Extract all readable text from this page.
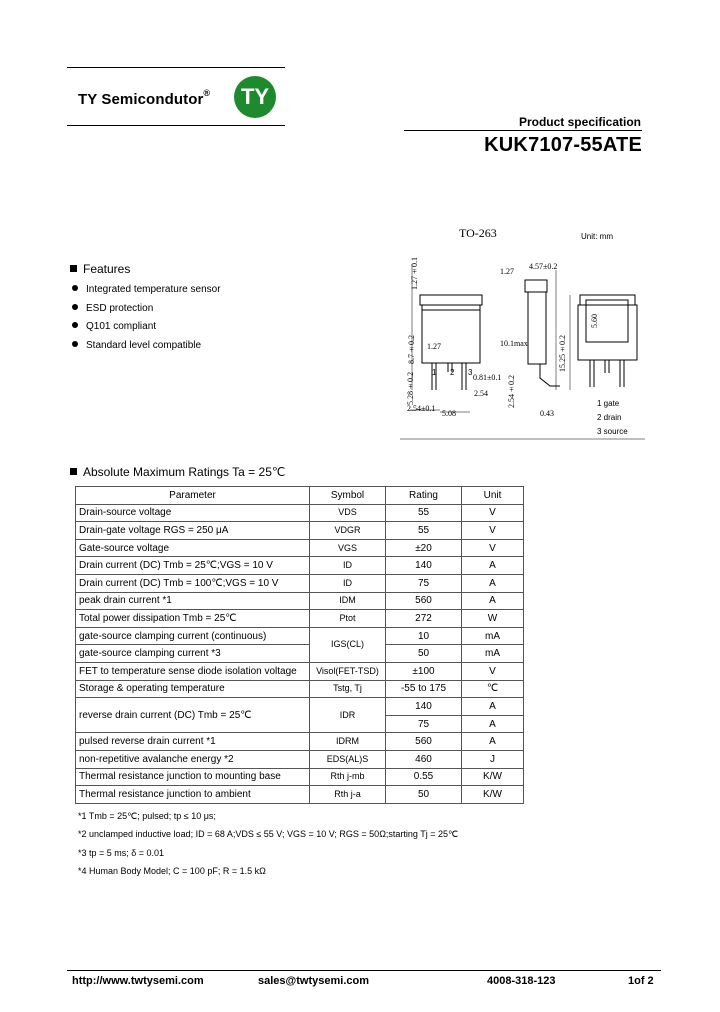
TY Semicondutor®	TY
Product specification
KUK7107-55ATE
TO-263	Unit: mm
1.27±0.1	4.57±0.2
1.27
8.7±0.2 1.27	10.1max
0.81±0.1
2.54
5.28±0.2
2.54±0.1
5.08
2.54±0.2
0.43
15.25±0.2
5.60
1 2 3
1 gate
2 drain
3 source
Features
Integrated temperature sensor
ESD protection
Q101 compliant
Standard level compatible
Absolute Maximum Ratings Ta = 25℃
Parameter	Symbol	Rating	Unit
Drain-source voltage	VDS	55	V
Drain-gate voltage RGS = 250 μA	VDGR	55	V
Gate-source voltage	VGS	±20	V
Drain current (DC) Tmb = 25℃;VGS = 10 V	ID	140	A
Drain current (DC) Tmb = 100℃;VGS = 10 V	ID	75	A
peak drain current *1	IDM	560	A
Total power dissipation Tmb = 25℃	Ptot	272	W
gate-source clamping current (continuous)	IGS(CL)	10	mA
gate-source clamping current *3		50	mA
FET to temperature sense diode isolation voltage	Visol(FET-TSD)	±100	V
Storage & operating temperature	Tstg, Tj	-55 to 175	℃
reverse drain current (DC) Tmb = 25℃	IDR	140	A
		75	A
pulsed reverse drain current *1	IDRM	560	A
non-repetitive avalanche energy *2	EDS(AL)S	460	J
Thermal resistance junction to mounting base	Rth j-mb	0.55	K/W
Thermal resistance junction to ambient	Rth j-a	50	K/W
*1 Tmb = 25℃; pulsed; tp ≤ 10 μs;
*2 unclamped inductive load; ID = 68 A;VDS ≤ 55 V; VGS = 10 V; RGS = 50Ω;starting Tj = 25℃
*3 tp = 5 ms; δ = 0.01
*4 Human Body Model; C = 100 pF; R = 1.5 kΩ
http://www.twtysemi.com	sales@twtysemi.com	4008-318-123	1of 2
